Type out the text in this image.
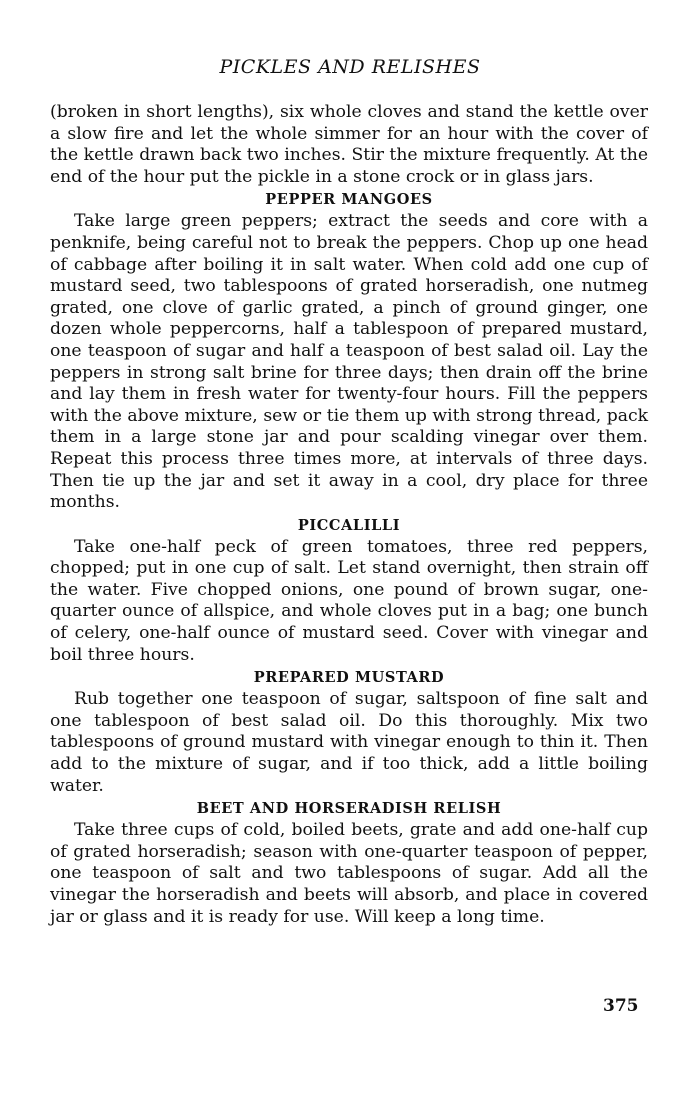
PICKLES AND RELISHES

(broken in short lengths), six whole cloves and stand the kettle over a slow fire and let the whole simmer for an hour with the cover of the kettle drawn back two inches. Stir the mixture frequently. At the end of the hour put the pickle in a stone crock or in glass jars.

PEPPER MANGOES

Take large green peppers; extract the seeds and core with a penknife, being careful not to break the peppers. Chop up one head of cabbage after boiling it in salt water. When cold add one cup of mustard seed, two tablespoons of grated horseradish, one nutmeg grated, one clove of garlic grated, a pinch of ground ginger, one dozen whole peppercorns, half a tablespoon of prepared mustard, one teaspoon of sugar and half a teaspoon of best salad oil. Lay the peppers in strong salt brine for three days; then drain off the brine and lay them in fresh water for twenty-four hours. Fill the peppers with the above mixture, sew or tie them up with strong thread, pack them in a large stone jar and pour scalding vinegar over them. Repeat this process three times more, at intervals of three days. Then tie up the jar and set it away in a cool, dry place for three months.

PICCALILLI

Take one-half peck of green tomatoes, three red peppers, chopped; put in one cup of salt. Let stand overnight, then strain off the water. Five chopped onions, one pound of brown sugar, one-quarter ounce of allspice, and whole cloves put in a bag; one bunch of celery, one-half ounce of mustard seed. Cover with vinegar and boil three hours.

PREPARED MUSTARD

Rub together one teaspoon of sugar, saltspoon of fine salt and one tablespoon of best salad oil. Do this thoroughly. Mix two tablespoons of ground mustard with vinegar enough to thin it. Then add to the mixture of sugar, and if too thick, add a little boiling water.

BEET AND HORSERADISH RELISH

Take three cups of cold, boiled beets, grate and add one-half cup of grated horseradish; season with one-quarter teaspoon of pepper, one teaspoon of salt and two tablespoons of sugar. Add all the vinegar the horseradish and beets will absorb, and place in covered jar or glass and it is ready for use. Will keep a long time.

375
